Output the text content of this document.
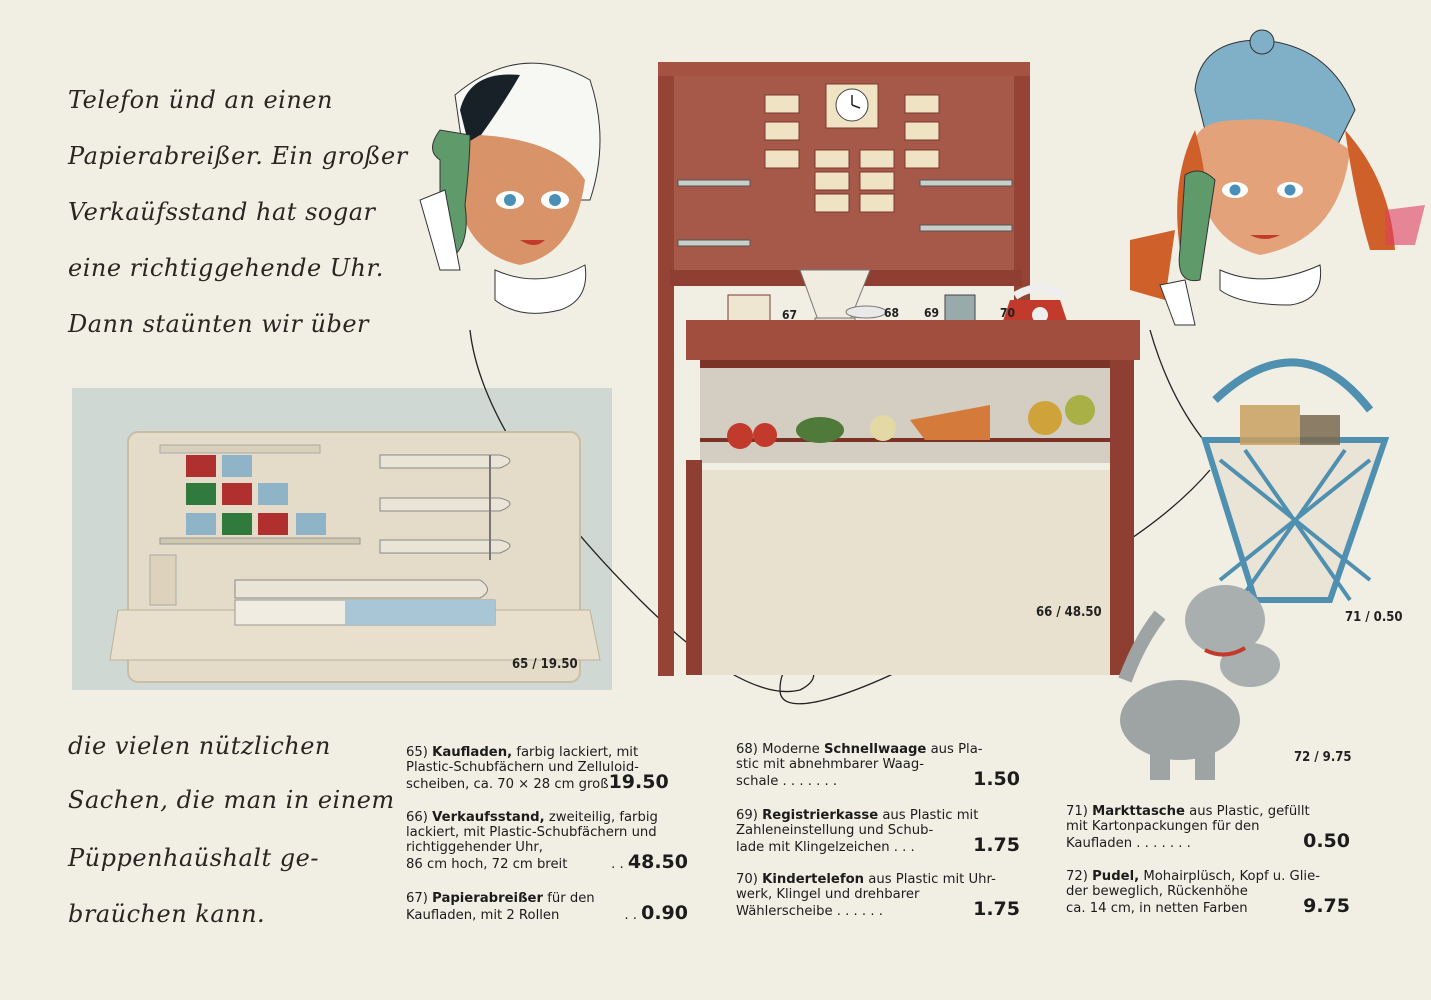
Telefon ünd an einen
Papierabreißer. Ein großer
Verkaüfsstand hat sogar
eine richtiggehende Uhr.
Dann staünten wir über
die vielen nützlichen
Sachen, die man in einem
Püppenhaüshalt ge-
braüchen kann.
65 / 19.50
66 / 48.50	71 / 0.50
72 / 9.75
67	68 69	70
65) Kaufladen, farbig lackiert, mit
Plastic-Schubfächern und Zelluloid-
scheiben, ca. 70 × 28 cm groß 19.50
66) Verkaufsstand, zweiteilig, farbig
lackiert, mit Plastic-Schubfächern und
richtiggehender Uhr,
86 cm hoch, 72 cm breit	. . 48.50
67) Papierabreißer für den
Kaufladen, mit 2 Rollen	. . 0.90
68) Moderne Schnellwaage aus Pla-
stic mit abnehmbarer Waag-
schale . . . . . . .	1.50
69) Registrierkasse aus Plastic mit
Zahleneinstellung und Schub-
lade mit Klingelzeichen . . .	1.75
70) Kindertelefon aus Plastic mit Uhr-
werk, Klingel und drehbarer
Wählerscheibe . . . . . .	1.75
71) Markttasche aus Plastic, gefüllt
mit Kartonpackungen für den
Kaufladen . . . . . . .	0.50
72) Pudel, Mohairplüsch, Kopf u. Glie-
der beweglich, Rückenhöhe
ca. 14 cm, in netten Farben	9.75
